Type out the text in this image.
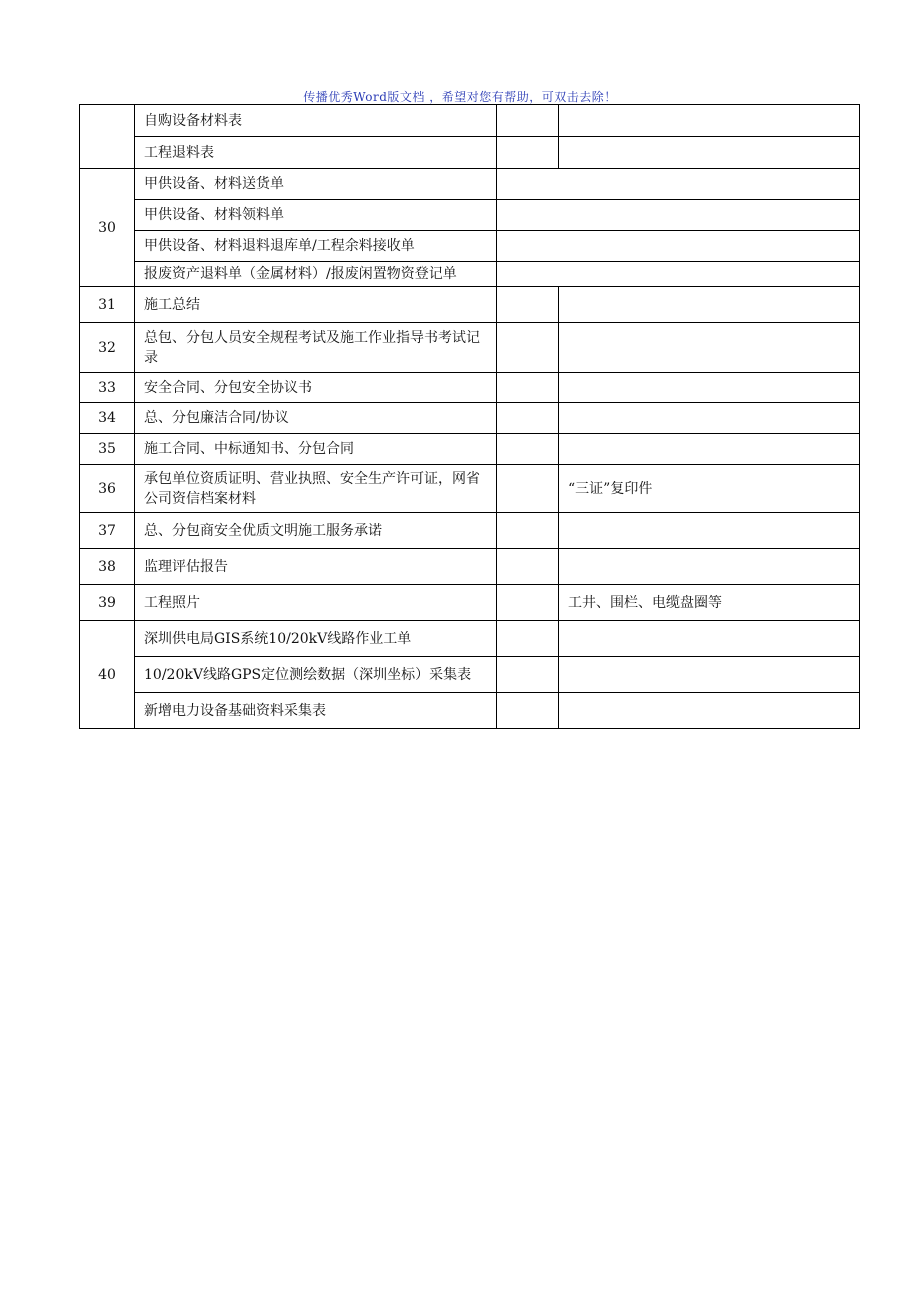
传播优秀Word版文档 ，希望对您有帮助，可双击去除！
	自购设备材料表		
	工程退料表		
30	甲供设备、材料送货单		
	甲供设备、材料领料单		
	甲供设备、材料退料退库单/工程余料接收单		
	报废资产退料单（金属材料）/报废闲置物资登记单		
31	施工总结		
32	总包、分包人员安全规程考试及施工作业指导书考试记录		
33	安全合同、分包安全协议书		
34	总、分包廉洁合同/协议		
35	施工合同、中标通知书、分包合同		
36	承包单位资质证明、营业执照、安全生产许可证，网省公司资信档案材料		“三证”复印件
37	总、分包商安全优质文明施工服务承诺		
38	监理评估报告		
39	工程照片		工井、围栏、电缆盘圈等
40	深圳供电局GIS系统10/20kV线路作业工单		
	10/20kV线路GPS定位测绘数据（深圳坐标）采集表		
	新增电力设备基础资料采集表		
